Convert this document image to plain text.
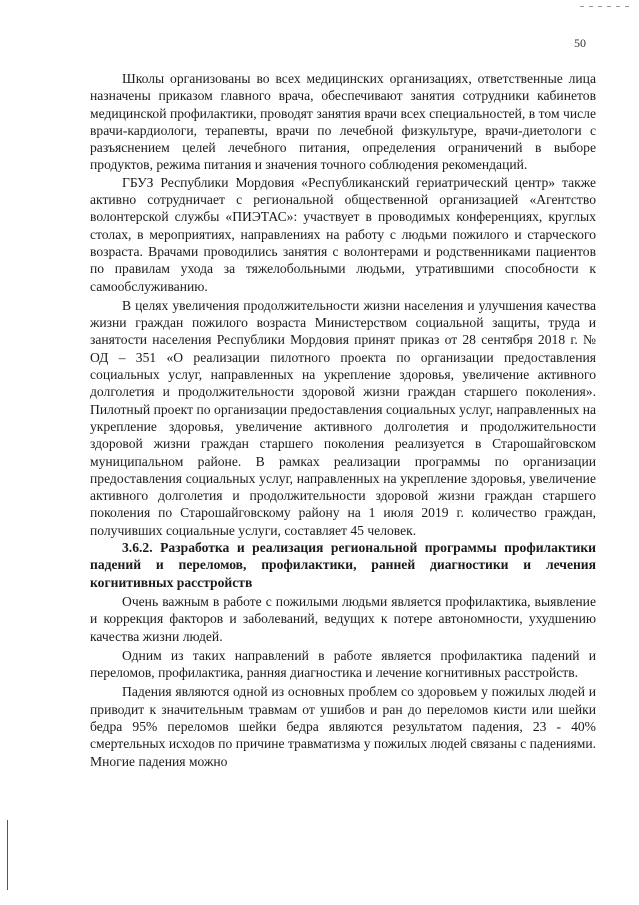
50

Школы организованы во всех медицинских организациях, ответственные лица назначены приказом главного врача, обеспечивают занятия сотрудники кабинетов медицинской профилактики, проводят занятия врачи всех специальностей, в том числе врачи-кардиологи, терапевты, врачи по лечебной физкультуре, врачи-диетологи с разъяснением целей лечебного питания, определения ограничений в выборе продуктов, режима питания и значения точного соблюдения рекомендаций.

ГБУЗ Республики Мордовия «Республиканский гериатрический центр» также активно сотрудничает с региональной общественной организацией «Агентство волонтерской службы «ПИЭТАС»: участвует в проводимых конференциях, круглых столах, в мероприятиях, направлениях на работу с людьми пожилого и старческого возраста. Врачами проводились занятия с волонтерами и родственниками пациентов по правилам ухода за тяжелобольными людьми, утратившими способности к самообслуживанию.

В целях увеличения продолжительности жизни населения и улучшения качества жизни граждан пожилого возраста Министерством социальной защиты, труда и занятости населения Республики Мордовия принят приказ от 28 сентября 2018 г. № ОД – 351 «О реализации пилотного проекта по организации предоставления социальных услуг, направленных на укрепление здоровья, увеличение активного долголетия и продолжительности здоровой жизни граждан старшего поколения». Пилотный проект по организации предоставления социальных услуг, направленных на укрепление здоровья, увеличение активного долголетия и продолжительности здоровой жизни граждан старшего поколения реализуется в Старошайговском муниципальном районе. В рамках реализации программы по организации предоставления социальных услуг, направленных на укрепление здоровья, увеличение активного долголетия и продолжительности здоровой жизни граждан старшего поколения по Старошайговскому району на 1 июля 2019 г. количество граждан, получивших социальные услуги, составляет 45 человек.

3.6.2. Разработка и реализация региональной программы профилактики падений и переломов, профилактики, ранней диагностики и лечения когнитивных расстройств

Очень важным в работе с пожилыми людьми является профилактика, выявление и коррекция факторов и заболеваний, ведущих к потере автономности, ухудшению качества жизни людей.

Одним из таких направлений в работе является профилактика падений и переломов, профилактика, ранняя диагностика и лечение когнитивных расстройств.

Падения являются одной из основных проблем со здоровьем у пожилых людей и приводит к значительным травмам от ушибов и ран до переломов кисти или шейки бедра 95% переломов шейки бедра являются результатом падения, 23 - 40% смертельных исходов по причине травматизма у пожилых людей связаны с падениями. Многие падения можно
